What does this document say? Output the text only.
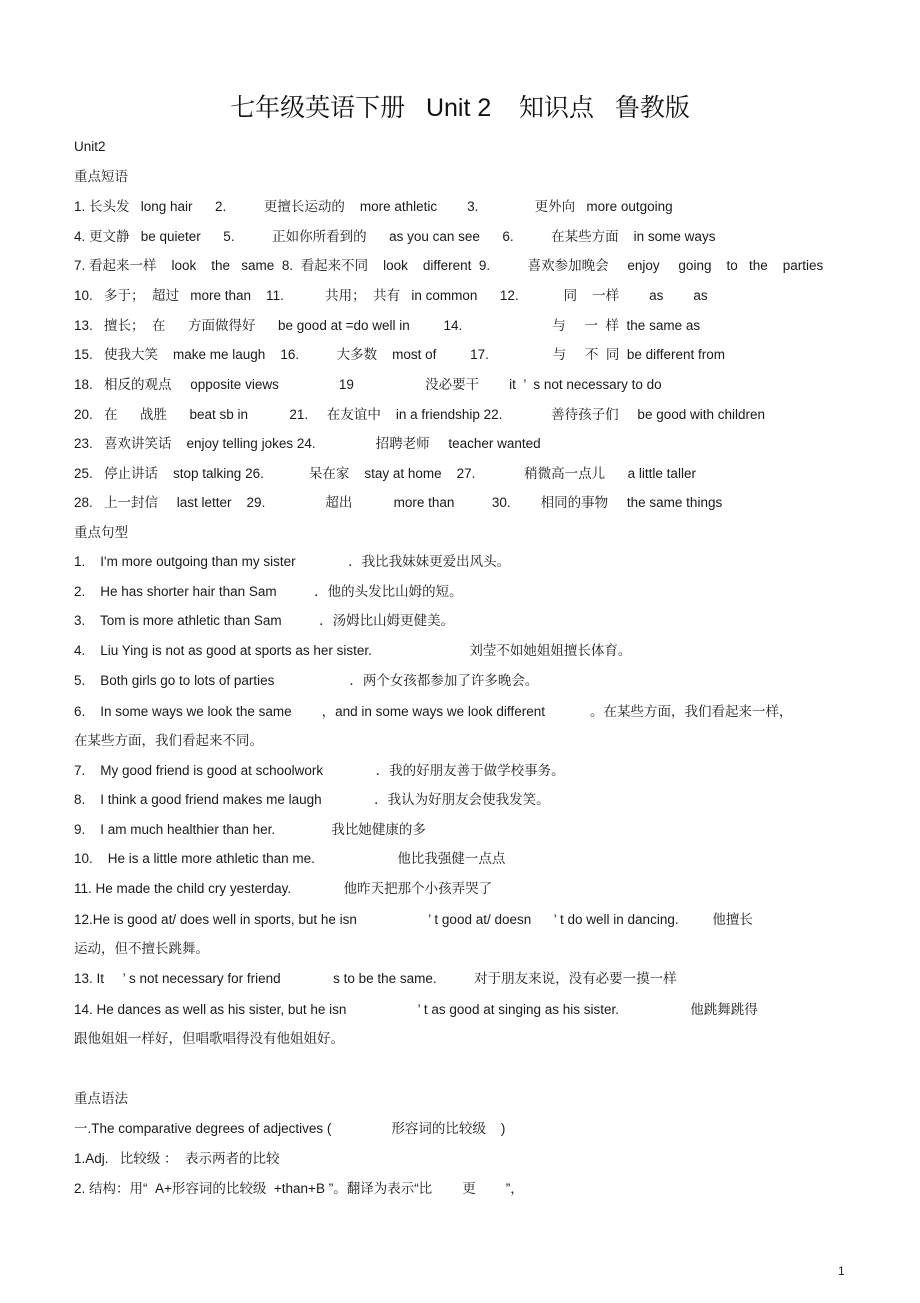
七年级英语下册   Unit 2    知识点   鲁教版
Unit2
重点短语
1. 长头发   long hair      2.          更擅长运动的    more athletic        3.               更外向   more outgoing
4. 更文静   be quieter      5.          正如你所看到的      as you can see      6.          在某些方面    in some ways
7. 看起来一样    look    the   same  8.  看起来不同    look    different  9.          喜欢参加晚会     enjoy     going    to   the    parties
10.   多于；  超过   more than    11.           共用；  共有   in common      12.            同    一样        as        as
13.   擅长；  在      方面做得好      be good at =do well in         14.                        与     一  样  the same as
15.   使我大笑    make me laugh    16.          大多数    most of         17.                 与     不  同  be different from
18.   相反的观点     opposite views                19                   没必要干        it  ’  s not necessary to do
20.   在      战胜      beat sb in           21.     在友谊中    in a friendship 22.             善待孩子们     be good with children
23.   喜欢讲笑话    enjoy telling jokes 24.                招聘老师     teacher wanted
25.   停止讲话    stop talking 26.            呆在家    stay at home    27.             稍微高一点儿      a little taller
28.   上一封信     last letter    29.                超出           more than          30.        相同的事物     the same things
重点句型
1.    I'm more outgoing than my sister              ．我比我妹妹更爱出风头。
2.    He has shorter hair than Sam          ．他的头发比山姆的短。
3.    Tom is more athletic than Sam          ．汤姆比山姆更健美。
4.    Liu Ying is not as good at sports as her sister.                          刘莹不如她姐姐擅长体育。
5.    Both girls go to lots of parties                    ．两个女孩都参加了许多晚会。
6.    In some ways we look the same        ，and in some ways we look different            。在某些方面，我们看起来一样，
在某些方面，我们看起来不同。
7.    My good friend is good at schoolwork              ．我的好朋友善于做学校事务。
8.    I think a good friend makes me laugh              ．我认为好朋友会使我发笑。
9.    I am much healthier than her.               我比她健康的多
10.    He is a little more athletic than me.                      他比我强健一点点
11. He made the child cry yesterday.              他昨天把那个小孩弄哭了
12.He is good at/ does well in sports, but he isn                   ’ t good at/ doesn      ’ t do well in dancing.         他擅长
运动，但不擅长跳舞。
13. It     ’ s not necessary for friend              s to be the same.          对于朋友来说，没有必要一摸一样
14. He dances as well as his sister, but he isn                   ’ t as good at singing as his sister.                   他跳舞跳得
跟他姐姐一样好，但唱歌唱得没有他姐姐好。
重点语法
一.The comparative degrees of adjectives (                形容词的比较级    )
1.Adj.   比较级 ：  表示两者的比较
2. 结构：用“  A+形容词的比较级  +than+B ”。翻译为表示“比        更        ”，
1
